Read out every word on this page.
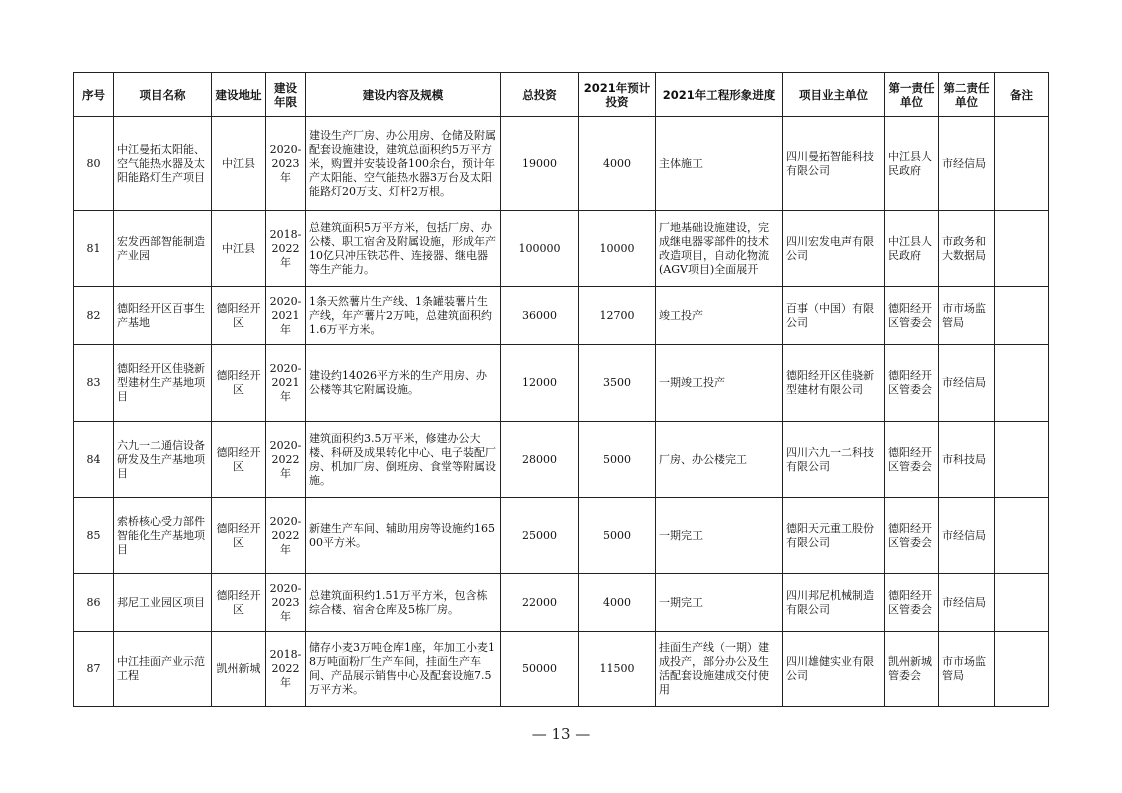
序号	项目名称	建设地址	建设年限	建设内容及规模	总投资	2021年预计投资	2021年工程形象进度	项目业主单位	第一责任单位	第二责任单位	备注
80	中江曼拓太阳能、空气能热水器及太阳能路灯生产项目	中江县	2020-2023年	建设生产厂房、办公用房、仓储及附属配套设施建设，建筑总面积约5万平方米，购置并安装设备100余台，预计年产太阳能、空气能热水器3万台及太阳能路灯20万支、灯杆2万根。	19000	4000	主体施工	四川曼拓智能科技有限公司	中江县人民政府	市经信局	
81	宏发西部智能制造产业园	中江县	2018-2022年	总建筑面积5万平方米，包括厂房、办公楼、职工宿舍及附属设施，形成年产10亿只冲压铁芯件、连接器、继电器等生产能力。	100000	10000	厂地基础设施建设，完成继电器零部件的技术改造项目，自动化物流(AGV项目)全面展开	四川宏发电声有限公司	中江县人民政府	市政务和大数据局	
82	德阳经开区百事生产基地	德阳经开区	2020-2021年	1条天然薯片生产线、1条罐装薯片生产线，年产薯片2万吨，总建筑面积约1.6万平方米。	36000	12700	竣工投产	百事（中国）有限公司	德阳经开区管委会	市市场监管局	
83	德阳经开区佳骁新型建材生产基地项目	德阳经开区	2020-2021年	建设约14026平方米的生产用房、办公楼等其它附属设施。	12000	3500	一期竣工投产	德阳经开区佳骁新型建材有限公司	德阳经开区管委会	市经信局	
84	六九一二通信设备研发及生产基地项目	德阳经开区	2020-2022年	建筑面积约3.5万平米，修建办公大楼、科研及成果转化中心、电子装配厂房、机加厂房、倒班房、食堂等附属设施。	28000	5000	厂房、办公楼完工	四川六九一二科技有限公司	德阳经开区管委会	市科技局	
85	索桥核心受力部件智能化生产基地项目	德阳经开区	2020-2022年	新建生产车间、辅助用房等设施约16500平方米。	25000	5000	一期完工	德阳天元重工股份有限公司	德阳经开区管委会	市经信局	
86	邦尼工业园区项目	德阳经开区	2020-2023年	总建筑面积约1.51万平方米，包含栋综合楼、宿舍仓库及5栋厂房。	22000	4000	一期完工	四川邦尼机械制造有限公司	德阳经开区管委会	市经信局	
87	中江挂面产业示范工程	凯州新城	2018-2022年	储存小麦3万吨仓库1座，年加工小麦18万吨面粉厂生产车间，挂面生产车间、产品展示销售中心及配套设施7.5万平方米。	50000	11500	挂面生产线（一期）建成投产，部分办公及生活配套设施建成交付使用	四川雄健实业有限公司	凯州新城管委会	市市场监管局	
— 13 —
